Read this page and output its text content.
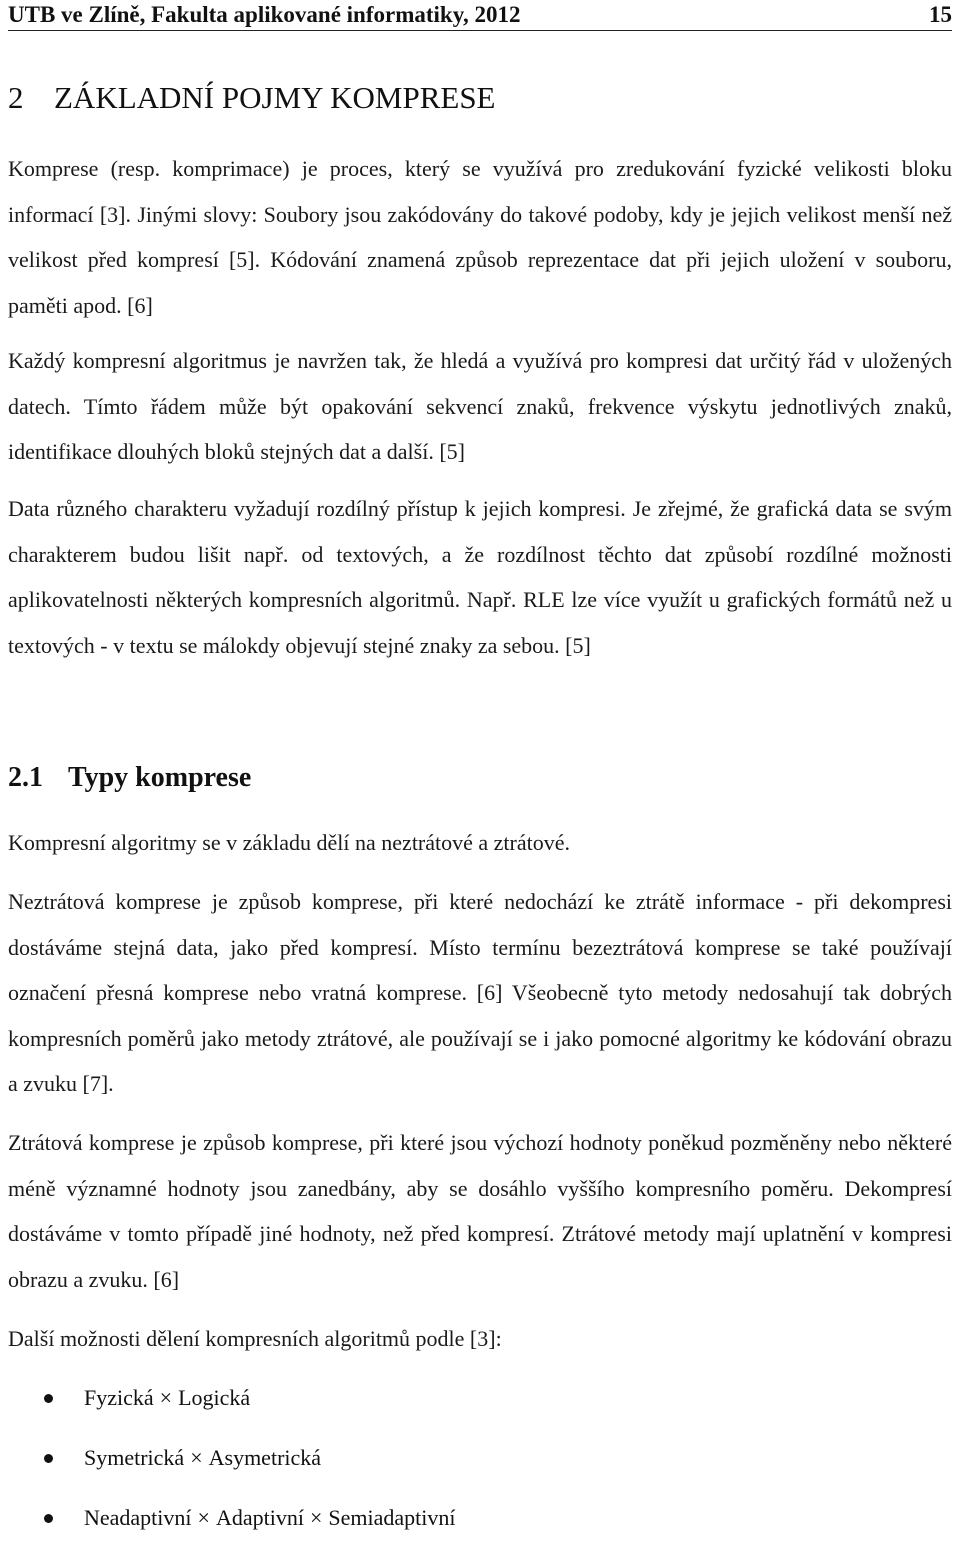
UTB ve Zlíně, Fakulta aplikované informatiky, 2012	15
2 ZÁKLADNÍ POJMY KOMPRESE

Komprese (resp. komprimace) je proces, který se využívá pro zredukování fyzické velikosti bloku informací [3]. Jinými slovy: Soubory jsou zakódovány do takové podoby, kdy je jejich velikost menší než velikost před kompresí [5]. Kódování znamená způsob reprezentace dat při jejich uložení v souboru, paměti apod. [6]

Každý kompresní algoritmus je navržen tak, že hledá a využívá pro kompresi dat určitý řád v uložených datech. Tímto řádem může být opakování sekvencí znaků, frekvence výskytu jednotlivých znaků, identifikace dlouhých bloků stejných dat a další. [5]

Data různého charakteru vyžadují rozdílný přístup k jejich kompresi. Je zřejmé, že grafická data se svým charakterem budou lišit např. od textových, a že rozdílnost těchto dat způsobí rozdílné možnosti aplikovatelnosti některých kompresních algoritmů. Např. RLE lze více využít u grafických formátů než u textových - v textu se málokdy objevují stejné znaky za sebou. [5]

2.1 Typy komprese

Kompresní algoritmy se v základu dělí na neztrátové a ztrátové.

Neztrátová komprese je způsob komprese, při které nedochází ke ztrátě informace - při dekompresi dostáváme stejná data, jako před kompresí. Místo termínu bezeztrátová komprese se také používají označení přesná komprese nebo vratná komprese. [6] Všeobecně tyto metody nedosahují tak dobrých kompresních poměrů jako metody ztrátové, ale používají se i jako pomocné algoritmy ke kódování obrazu a zvuku [7].

Ztrátová komprese je způsob komprese, při které jsou výchozí hodnoty poněkud pozměněny nebo některé méně významné hodnoty jsou zanedbány, aby se dosáhlo vyššího kompresního poměru. Dekompresí dostáváme v tomto případě jiné hodnoty, než před kompresí. Ztrátové metody mají uplatnění v kompresi obrazu a zvuku. [6]

Další možnosti dělení kompresních algoritmů podle [3]:

Fyzická × Logická
Symetrická × Asymetrická
Neadaptivní × Adaptivní × Semiadaptivní
